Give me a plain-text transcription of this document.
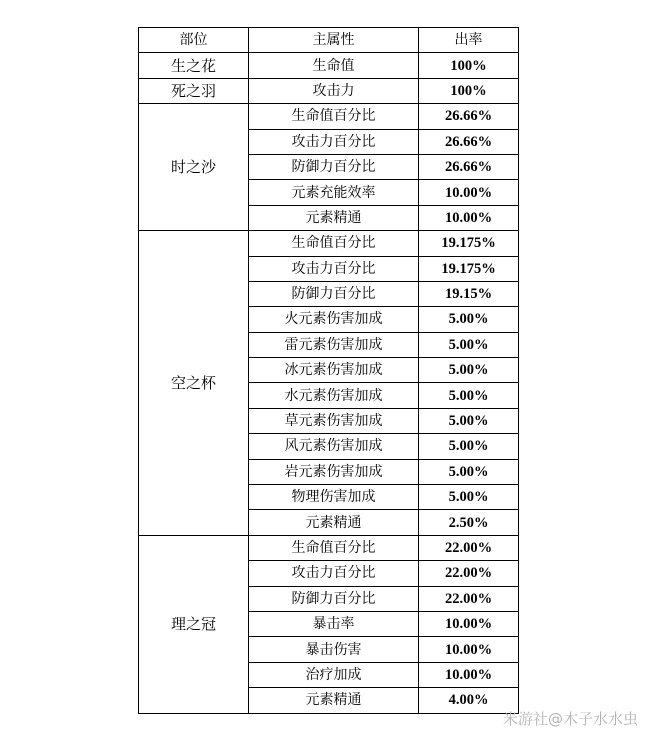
部位	主属性	出率
生之花	生命值	100%
死之羽	攻击力	100%
时之沙	生命值百分比	26.66%
	攻击力百分比	26.66%
	防御力百分比	26.66%
	元素充能效率	10.00%
	元素精通	10.00%
空之杯	生命值百分比	19.175%
	攻击力百分比	19.175%
	防御力百分比	19.15%
	火元素伤害加成	5.00%
	雷元素伤害加成	5.00%
	冰元素伤害加成	5.00%
	水元素伤害加成	5.00%
	草元素伤害加成	5.00%
	风元素伤害加成	5.00%
	岩元素伤害加成	5.00%
	物理伤害加成	5.00%
	元素精通	2.50%
理之冠	生命值百分比	22.00%
	攻击力百分比	22.00%
	防御力百分比	22.00%
	暴击率	10.00%
	暴击伤害	10.00%
	治疗加成	10.00%
	元素精通	4.00%
米游社@木子水水虫
